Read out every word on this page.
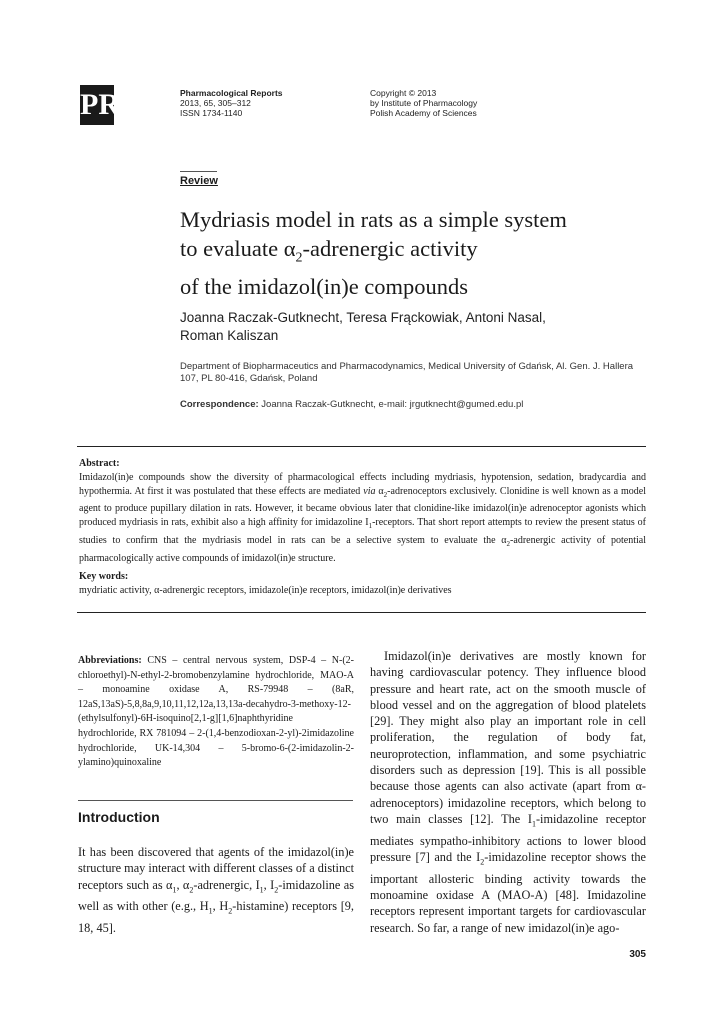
PR	Pharmacological Reports
2013, 65, 305–312
ISSN 1734-1140
Copyright © 2013
by Institute of Pharmacology
Polish Academy of Sciences
Review
Mydriasis model in rats as a simple system
to evaluate $\alpha_2$-adrenergic activity
of the imidazol(in)e compounds
Joanna Raczak-Gutknecht, Teresa Frąckowiak, Antoni Nasal,
Roman Kaliszan
Department of Biopharmaceutics and Pharmacodynamics, Medical University of Gdańsk, Al. Gen. J. Hallera 107, PL 80-416, Gdańsk, Poland
Correspondence: Joanna Raczak-Gutknecht, e-mail: jrgutknecht@gumed.edu.pl
Abstract:
Imidazol(in)e compounds show the diversity of pharmacological effects including mydriasis, hypotension, sedation, bradycardia and hypothermia. At first it was postulated that these effects are mediated via $\alpha_2$-adrenoceptors exclusively. Clonidine is well known as a model agent to produce pupillary dilation in rats. However, it became obvious later that clonidine-like imidazol(in)e adrenoceptor agonists which produced mydriasis in rats, exhibit also a high affinity for imidazoline $I_1$-receptors. That short report attempts to review the present status of studies to confirm that the mydriasis model in rats can be a selective system to evaluate the $\alpha_2$-adrenergic activity of potential pharmacologically active compounds of imidazol(in)e structure.
Key words:
mydriatic activity, α-adrenergic receptors, imidazole(in)e receptors, imidazol(in)e derivatives
Abbreviations: CNS – central nervous system, DSP-4 – N-(2-chloroethyl)-N-ethyl-2-bromobenzylamine hydrochloride, MAO-A – monoamine oxidase A, RS-79948 – (8aR, 12aS,13aS)-5,8,8a,9,10,11,12,12a,13,13a-decahydro-3-methoxy-12-(ethylsulfonyl)-6H-isoquino[2,1-g][1,6]naphthyridine hydrochloride, RX 781094 – 2-(1,4-benzodioxan-2-yl)-2imidazoline hydrochloride, UK-14,304 – 5-bromo-6-(2-imidazolin-2-ylamino)quinoxaline
Introduction
It has been discovered that agents of the imidazol(in)e structure may interact with different classes of a distinct receptors such as $\alpha_1$, $\alpha_2$-adrenergic, $I_1$, $I_2$-imidazoline as well as with other (e.g., $H_1$, $H_2-histamine$) receptors [9, 18, 45].
Imidazol(in)e derivatives are mostly known for having cardiovascular potency. They influence blood pressure and heart rate, act on the smooth muscle of blood vessel and on the aggregation of blood platelets [29]. They might also play an important role in cell proliferation, the regulation of body fat, neuroprotection, inflammation, and some psychiatric disorders such as depression [19]. This is all possible because those agents can also activate (apart from α-adrenoceptors) imidazoline receptors, which belong to two main classes [12]. The $I_1$-imidazoline receptor mediates sympatho-inhibitory actions to lower blood pressure [7] and the $I_2$-imidazoline receptor shows the important allosteric binding activity towards the monoamine oxidase A (MAO-A) [48]. Imidazoline receptors represent important targets for cardiovascular research. So far, a range of new imidazol(in)e ago-
305
